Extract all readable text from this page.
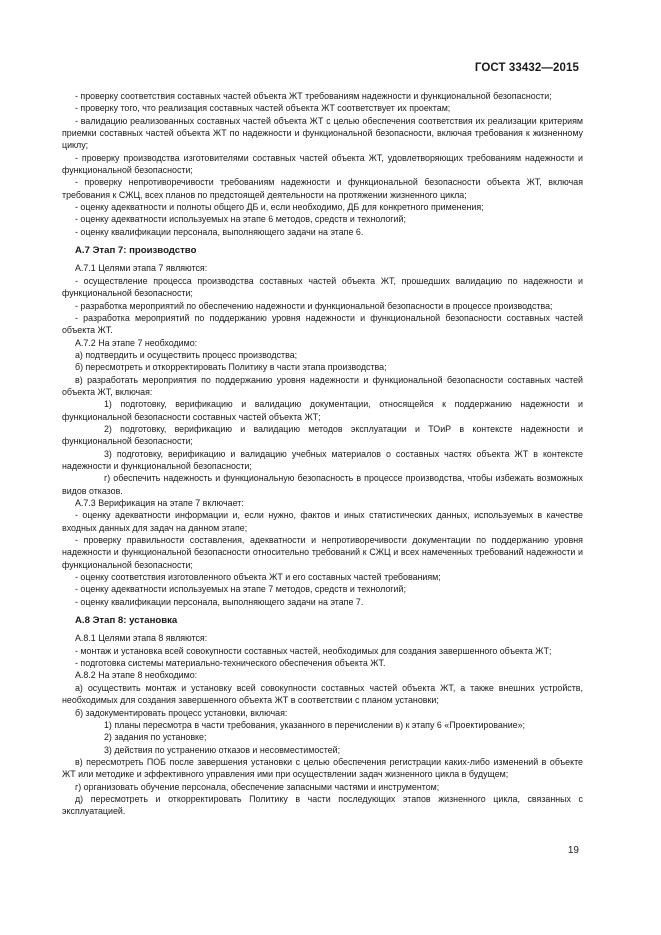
ГОСТ 33432—2015

- проверку соответствия составных частей объекта ЖТ требованиям надежности и функциональной безопасности;

- проверку того, что реализация составных частей объекта ЖТ соответствует их проектам;

- валидацию реализованных составных частей объекта ЖТ с целью обеспечения соответствия их реализации критериям приемки составных частей объекта ЖТ по надежности и функциональной безопасности, включая требования к жизненному циклу;

- проверку производства изготовителями составных частей объекта ЖТ, удовлетворяющих требованиям надежности и функциональной безопасности;

- проверку непротиворечивости требованиям надежности и функциональной безопасности объекта ЖТ, включая требования к СЖЦ, всех планов по предстоящей деятельности на протяжении жизненного цикла;

- оценку адекватности и полноты общего ДБ и, если необходимо, ДБ для конкретного применения;

- оценку адекватности используемых на этапе 6 методов, средств и технологий;

- оценку квалификации персонала, выполняющего задачи на этапе 6.

А.7 Этап 7: производство

А.7.1 Целями этапа 7 являются:

- осуществление процесса производства составных частей объекта ЖТ, прошедших валидацию по надежности и функциональной безопасности;

- разработка мероприятий по обеспечению надежности и функциональной безопасности в процессе производства;

- разработка мероприятий по поддержанию уровня надежности и функциональной безопасности составных частей объекта ЖТ.

А.7.2 На этапе 7 необходимо:

а) подтвердить и осуществить процесс производства;

б) пересмотреть и откорректировать Политику в части этапа производства;

в) разработать мероприятия по поддержанию уровня надежности и функциональной безопасности составных частей объекта ЖТ, включая:

1) подготовку, верификацию и валидацию документации, относящейся к поддержанию надежности и функциональной безопасности составных частей объекта ЖТ;

2) подготовку, верификацию и валидацию методов эксплуатации и ТОиР в контексте надежности и функциональной безопасности;

3) подготовку, верификацию и валидацию учебных материалов о составных частях объекта ЖТ в контексте надежности и функциональной безопасности;

г) обеспечить надежность и функциональную безопасность в процессе производства, чтобы избежать возможных видов отказов.

А.7.3 Верификация на этапе 7 включает:

- оценку адекватности информации и, если нужно, фактов и иных статистических данных, используемых в качестве входных данных для задач на данном этапе;

- проверку правильности составления, адекватности и непротиворечивости документации по поддержанию уровня надежности и функциональной безопасности относительно требований к СЖЦ и всех намеченных требований надежности и функциональной безопасности;

- оценку соответствия изготовленного объекта ЖТ и его составных частей требованиям;

- оценку адекватности используемых на этапе 7 методов, средств и технологий;

- оценку квалификации персонала, выполняющего задачи на этапе 7.

А.8 Этап 8: установка

А.8.1 Целями этапа 8 являются:

- монтаж и установка всей совокупности составных частей, необходимых для создания завершенного объекта ЖТ;

- подготовка системы материально-технического обеспечения объекта ЖТ.

А.8.2 На этапе 8 необходимо:

а) осуществить монтаж и установку всей совокупности составных частей объекта ЖТ, а также внешних устройств, необходимых для создания завершенного объекта ЖТ в соответствии с планом установки;

б) задокументировать процесс установки, включая:

1) планы пересмотра в части требования, указанного в перечислении в) к этапу 6 «Проектирование»;

2) задания по установке;

3) действия по устранению отказов и несовместимостей;

в) пересмотреть ПОБ после завершения установки с целью обеспечения регистрации каких-либо изменений в объекте ЖТ или методике и эффективного управления ими при осуществлении задач жизненного цикла в будущем;

г) организовать обучение персонала, обеспечение запасными частями и инструментом;

д) пересмотреть и откорректировать Политику в части последующих этапов жизненного цикла, связанных с эксплуатацией.

19
